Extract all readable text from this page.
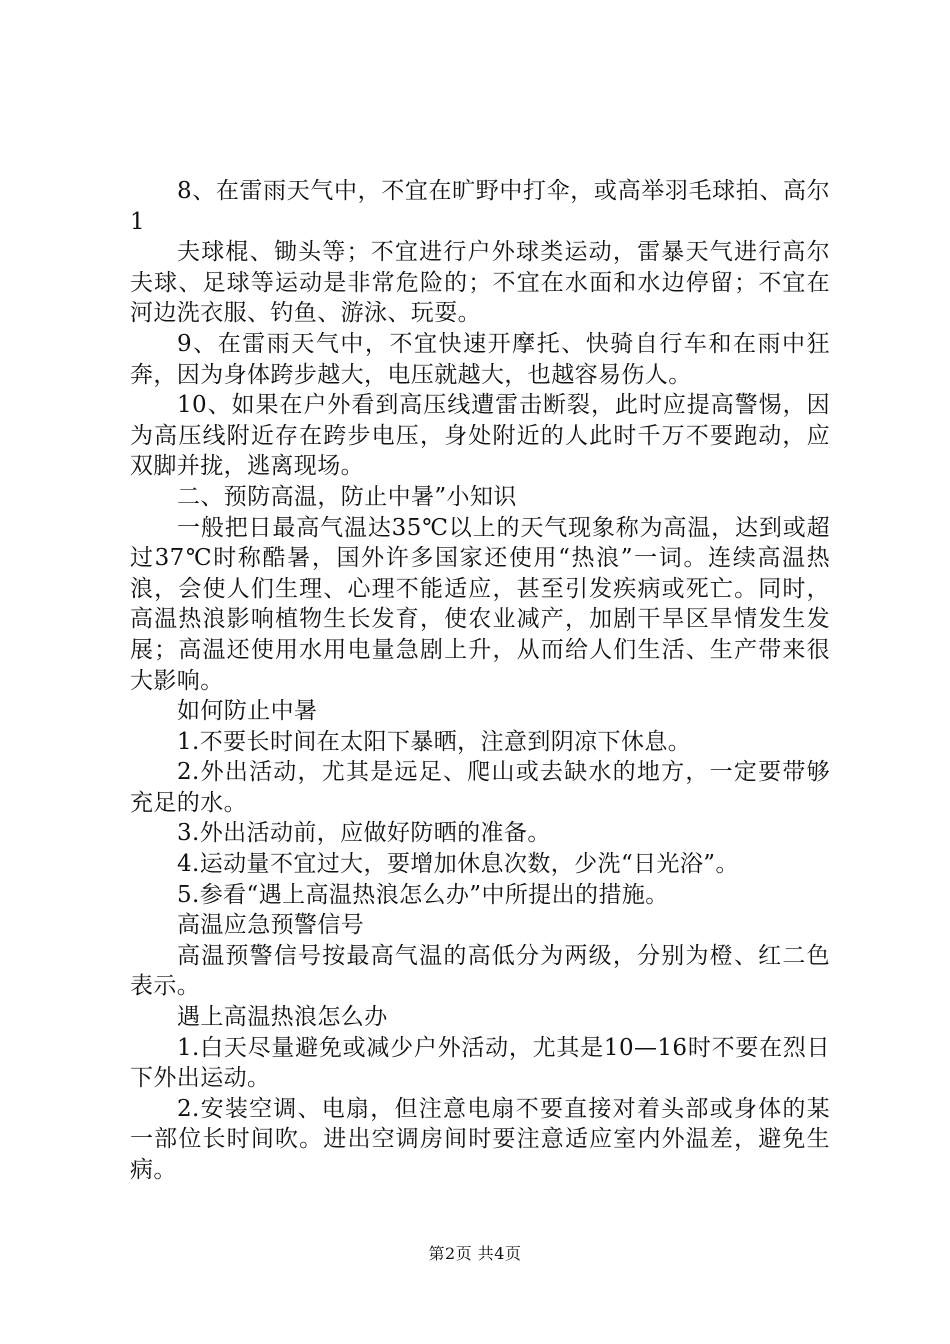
8、在雷雨天气中，不宜在旷野中打伞，或高举羽毛球拍、高尔1

夫球棍、锄头等；不宜进行户外球类运动，雷暴天气进行高尔夫球、足球等运动是非常危险的；不宜在水面和水边停留；不宜在河边洗衣服、钓鱼、游泳、玩耍。

9、在雷雨天气中，不宜快速开摩托、快骑自行车和在雨中狂奔，因为身体跨步越大，电压就越大，也越容易伤人。

10、如果在户外看到高压线遭雷击断裂，此时应提高警惕，因为高压线附近存在跨步电压，身处附近的人此时千万不要跑动，应双脚并拢，逃离现场。

二、预防高温，防止中暑”小知识

一般把日最高气温达35℃以上的天气现象称为高温，达到或超过37℃时称酷暑，国外许多国家还使用“热浪”一词。连续高温热浪，会使人们生理、心理不能适应，甚至引发疾病或死亡。同时，高温热浪影响植物生长发育，使农业减产，加剧干旱区旱情发生发展；高温还使用水用电量急剧上升，从而给人们生活、生产带来很大影响。

如何防止中暑

1.不要长时间在太阳下暴晒，注意到阴凉下休息。

2.外出活动，尤其是远足、爬山或去缺水的地方，一定要带够充足的水。

3.外出活动前，应做好防晒的准备。

4.运动量不宜过大，要增加休息次数，少洗“日光浴”。

5.参看“遇上高温热浪怎么办”中所提出的措施。

高温应急预警信号

高温预警信号按最高气温的高低分为两级，分别为橙、红二色表示。

遇上高温热浪怎么办

1.白天尽量避免或减少户外活动，尤其是10—16时不要在烈日下外出运动。

2.安装空调、电扇，但注意电扇不要直接对着头部或身体的某一部位长时间吹。进出空调房间时要注意适应室内外温差，避免生病。

第2页 共4页
